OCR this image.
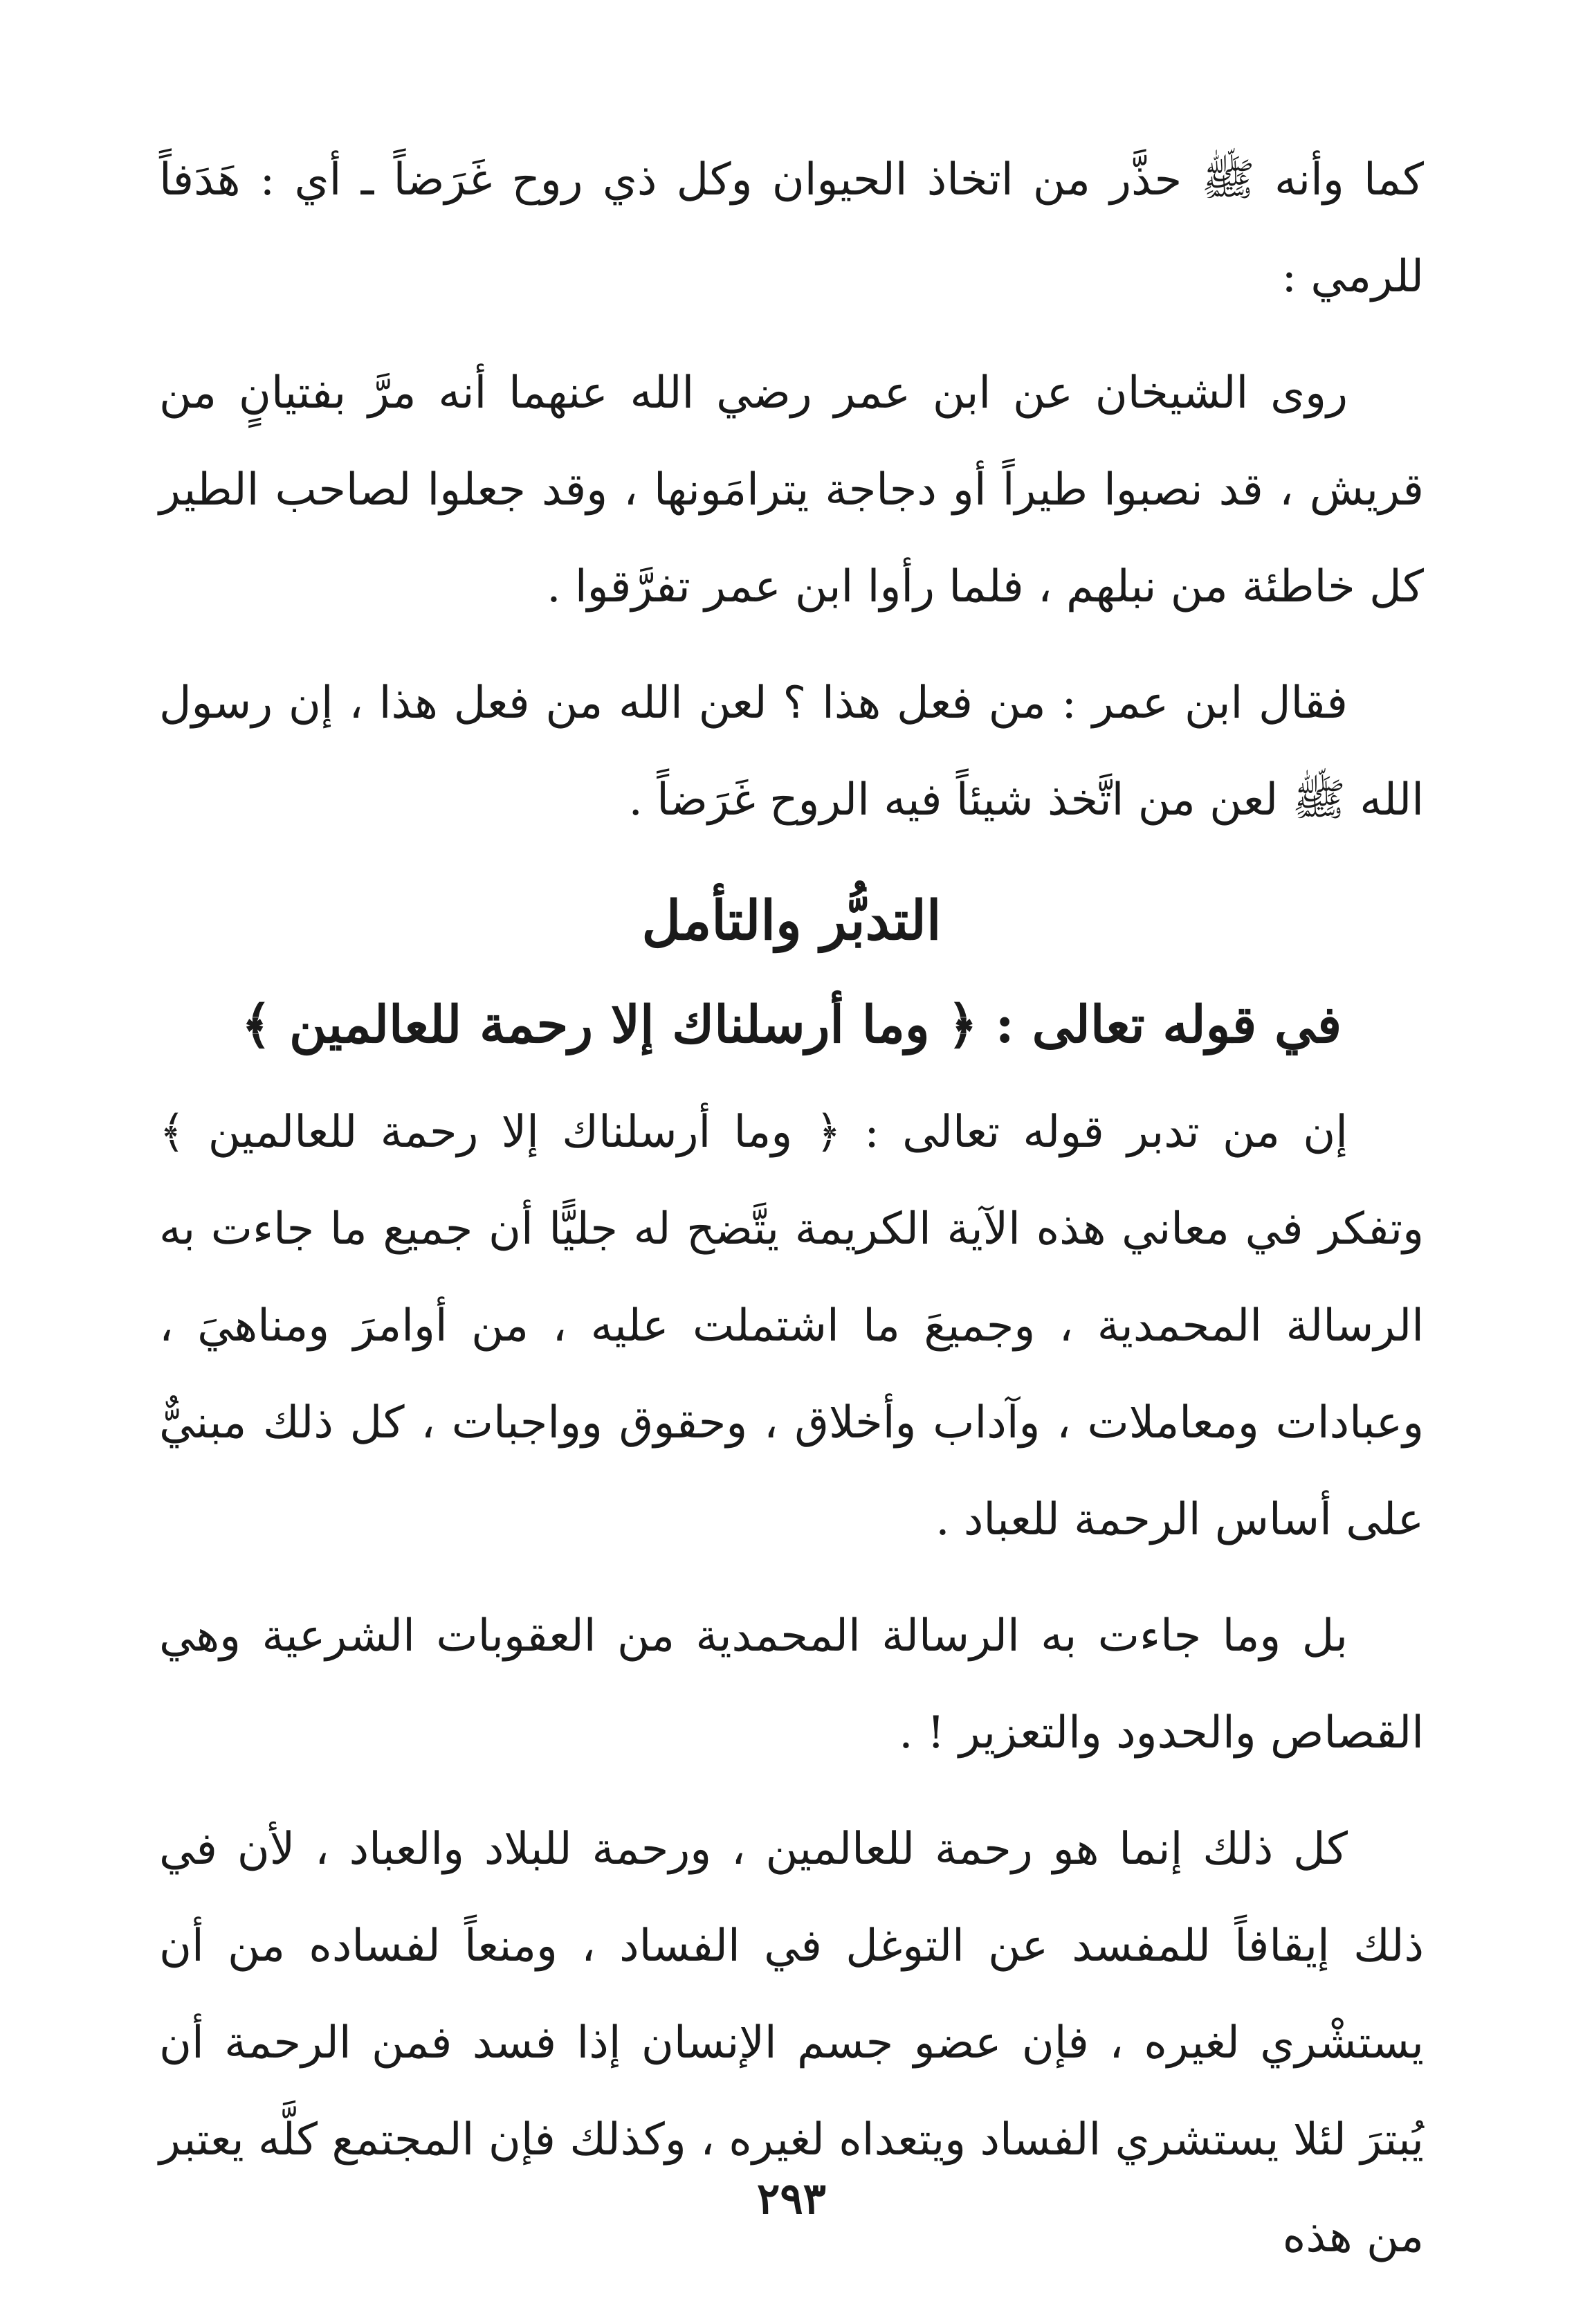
كما وأنه ﷺ حذَّر من اتخاذ الحيوان وكل ذي روح غَرَضاً ـ أي : هَدَفاً للرمي :

روى الشيخان عن ابن عمر رضي الله عنهما أنه مرَّ بفتيانٍ من قريش ، قد نصبوا طيراً أو دجاجة يترامَونها ، وقد جعلوا لصاحب الطير كل خاطئة من نبلهم ، فلما رأوا ابن عمر تفرَّقوا .

فقال ابن عمر : من فعل هذا ؟ لعن الله من فعل هذا ، إن رسول الله ﷺ لعن من اتَّخذ شيئاً فيه الروح غَرَضاً .

التدبُّر والتأمل
في قوله تعالى : ﴿ وما أرسلناك إلا رحمة للعالمين ﴾

إن من تدبر قوله تعالى : ﴿ وما أرسلناك إلا رحمة للعالمين ﴾ وتفكر في معاني هذه الآية الكريمة يتَّضح له جليًّا أن جميع ما جاءت به الرسالة المحمدية ، وجميعَ ما اشتملت عليه ، من أوامرَ ومناهيَ ، وعبادات ومعاملات ، وآداب وأخلاق ، وحقوق وواجبات ، كل ذلك مبنيٌّ على أساس الرحمة للعباد .

بل وما جاءت به الرسالة المحمدية من العقوبات الشرعية وهي القصاص والحدود والتعزير ! .

كل ذلك إنما هو رحمة للعالمين ، ورحمة للبلاد والعباد ، لأن في ذلك إيقافاً للمفسد عن التوغل في الفساد ، ومنعاً لفساده من أن يستشْري لغيره ، فإن عضو جسم الإنسان إذا فسد فمن الرحمة أن يُبترَ لئلا يستشري الفساد ويتعداه لغيره ، وكذلك فإن المجتمع كلَّه يعتبر من هذه

٢٩٣
